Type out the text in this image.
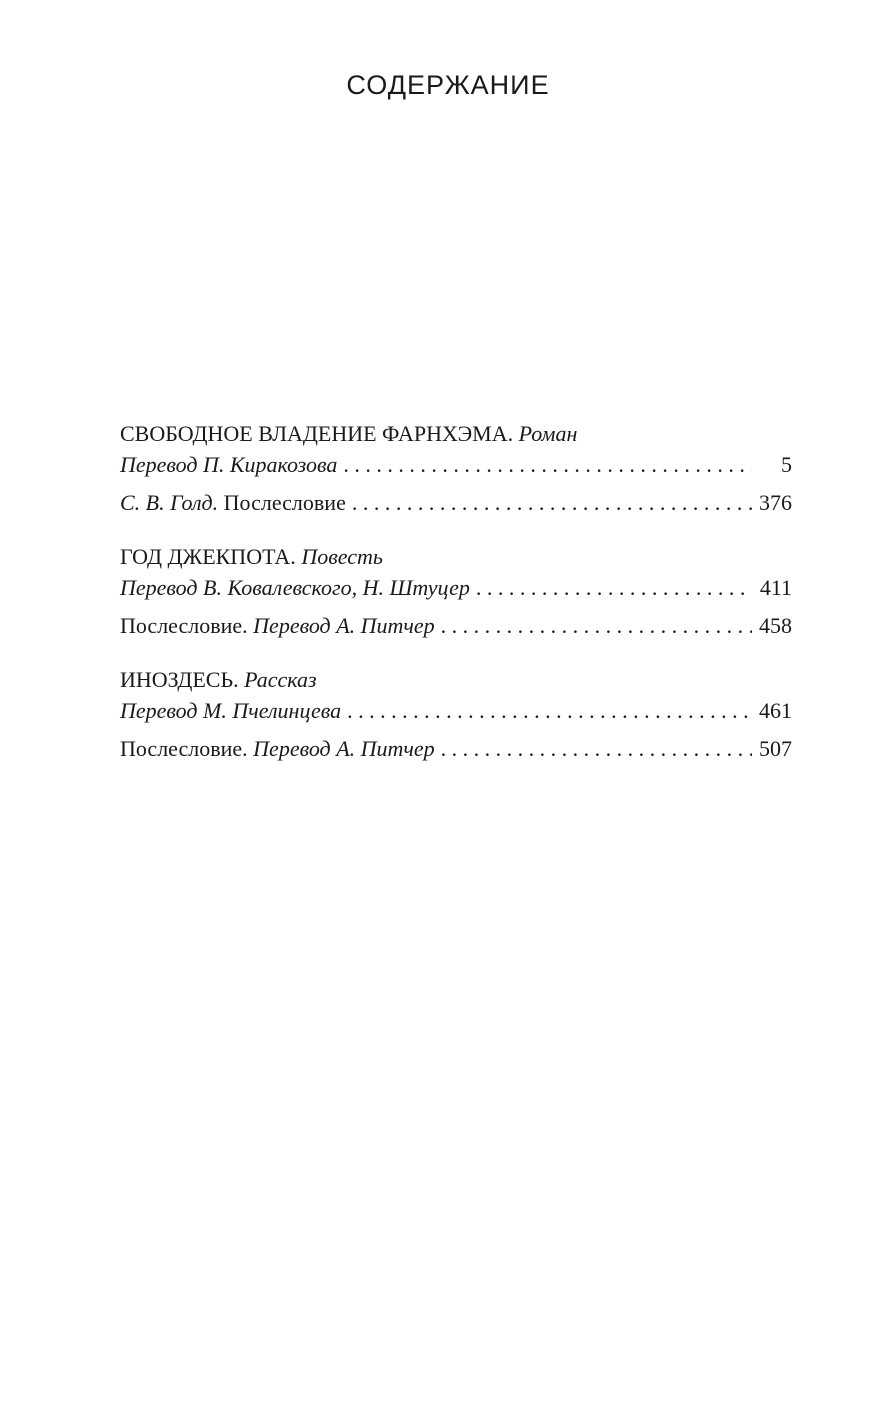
СОДЕРЖАНИЕ
СВОБОДНОЕ ВЛАДЕНИЕ ФАРНХЭМА. Роман
Перевод П. Киракозова . . .	5
С. В. Голд. Послесловие . . .	376
ГОД ДЖЕКПОТА. Повесть
Перевод В. Ковалевского, Н. Штуцер . . .	411
Послесловие. Перевод А. Питчер . . .	458
ИНОЗДЕСЬ. Рассказ
Перевод М. Пчелинцева . . .	461
Послесловие. Перевод А. Питчер . . .	507
